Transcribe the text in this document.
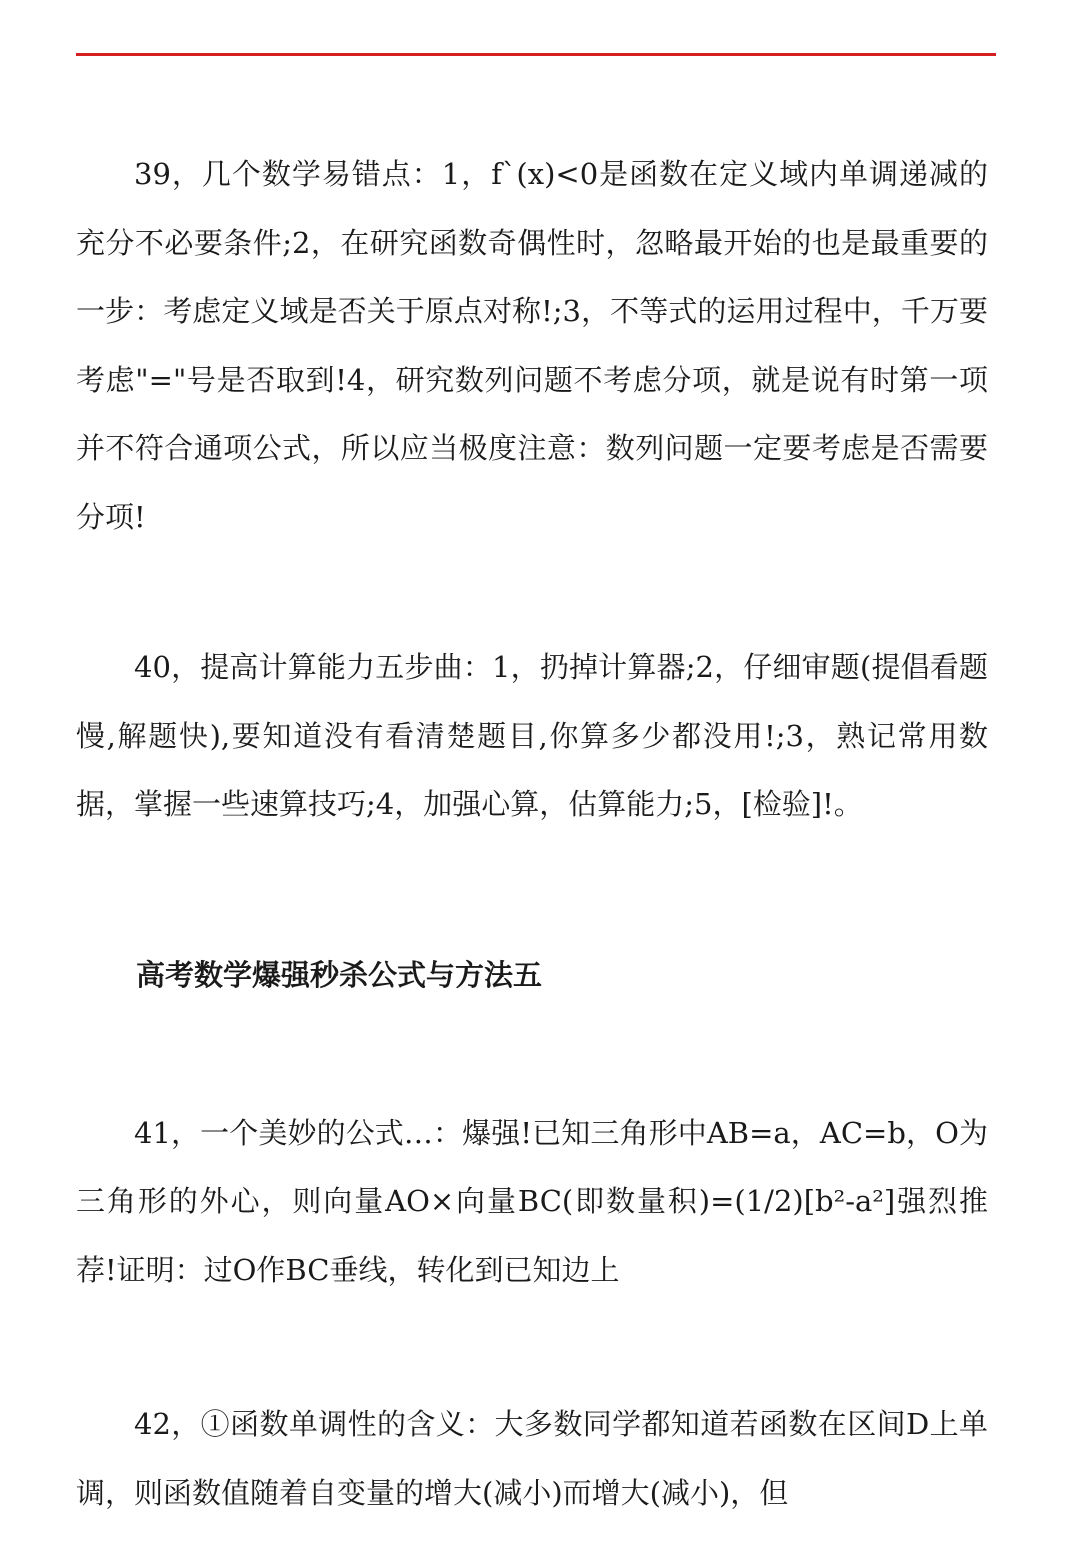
39，几个数学易错点：1，f`(x)<0是函数在定义域内单调递减的充分不必要条件;2，在研究函数奇偶性时，忽略最开始的也是最重要的一步：考虑定义域是否关于原点对称!;3，不等式的运用过程中，千万要考虑"="号是否取到!4，研究数列问题不考虑分项，就是说有时第一项并不符合通项公式，所以应当极度注意：数列问题一定要考虑是否需要分项!

40，提高计算能力五步曲：1，扔掉计算器;2，仔细审题(提倡看题慢,解题快),要知道没有看清楚题目,你算多少都没用!;3，熟记常用数据，掌握一些速算技巧;4，加强心算，估算能力;5，[检验]!。

高考数学爆强秒杀公式与方法五

41，一个美妙的公式…：爆强!已知三角形中AB=a，AC=b，O为三角形的外心，则向量AO×向量BC(即数量积)=(1/2)[b²-a²]强烈推荐!证明：过O作BC垂线，转化到已知边上

42，①函数单调性的含义：大多数同学都知道若函数在区间D上单调，则函数值随着自变量的增大(减小)而增大(减小)，但
